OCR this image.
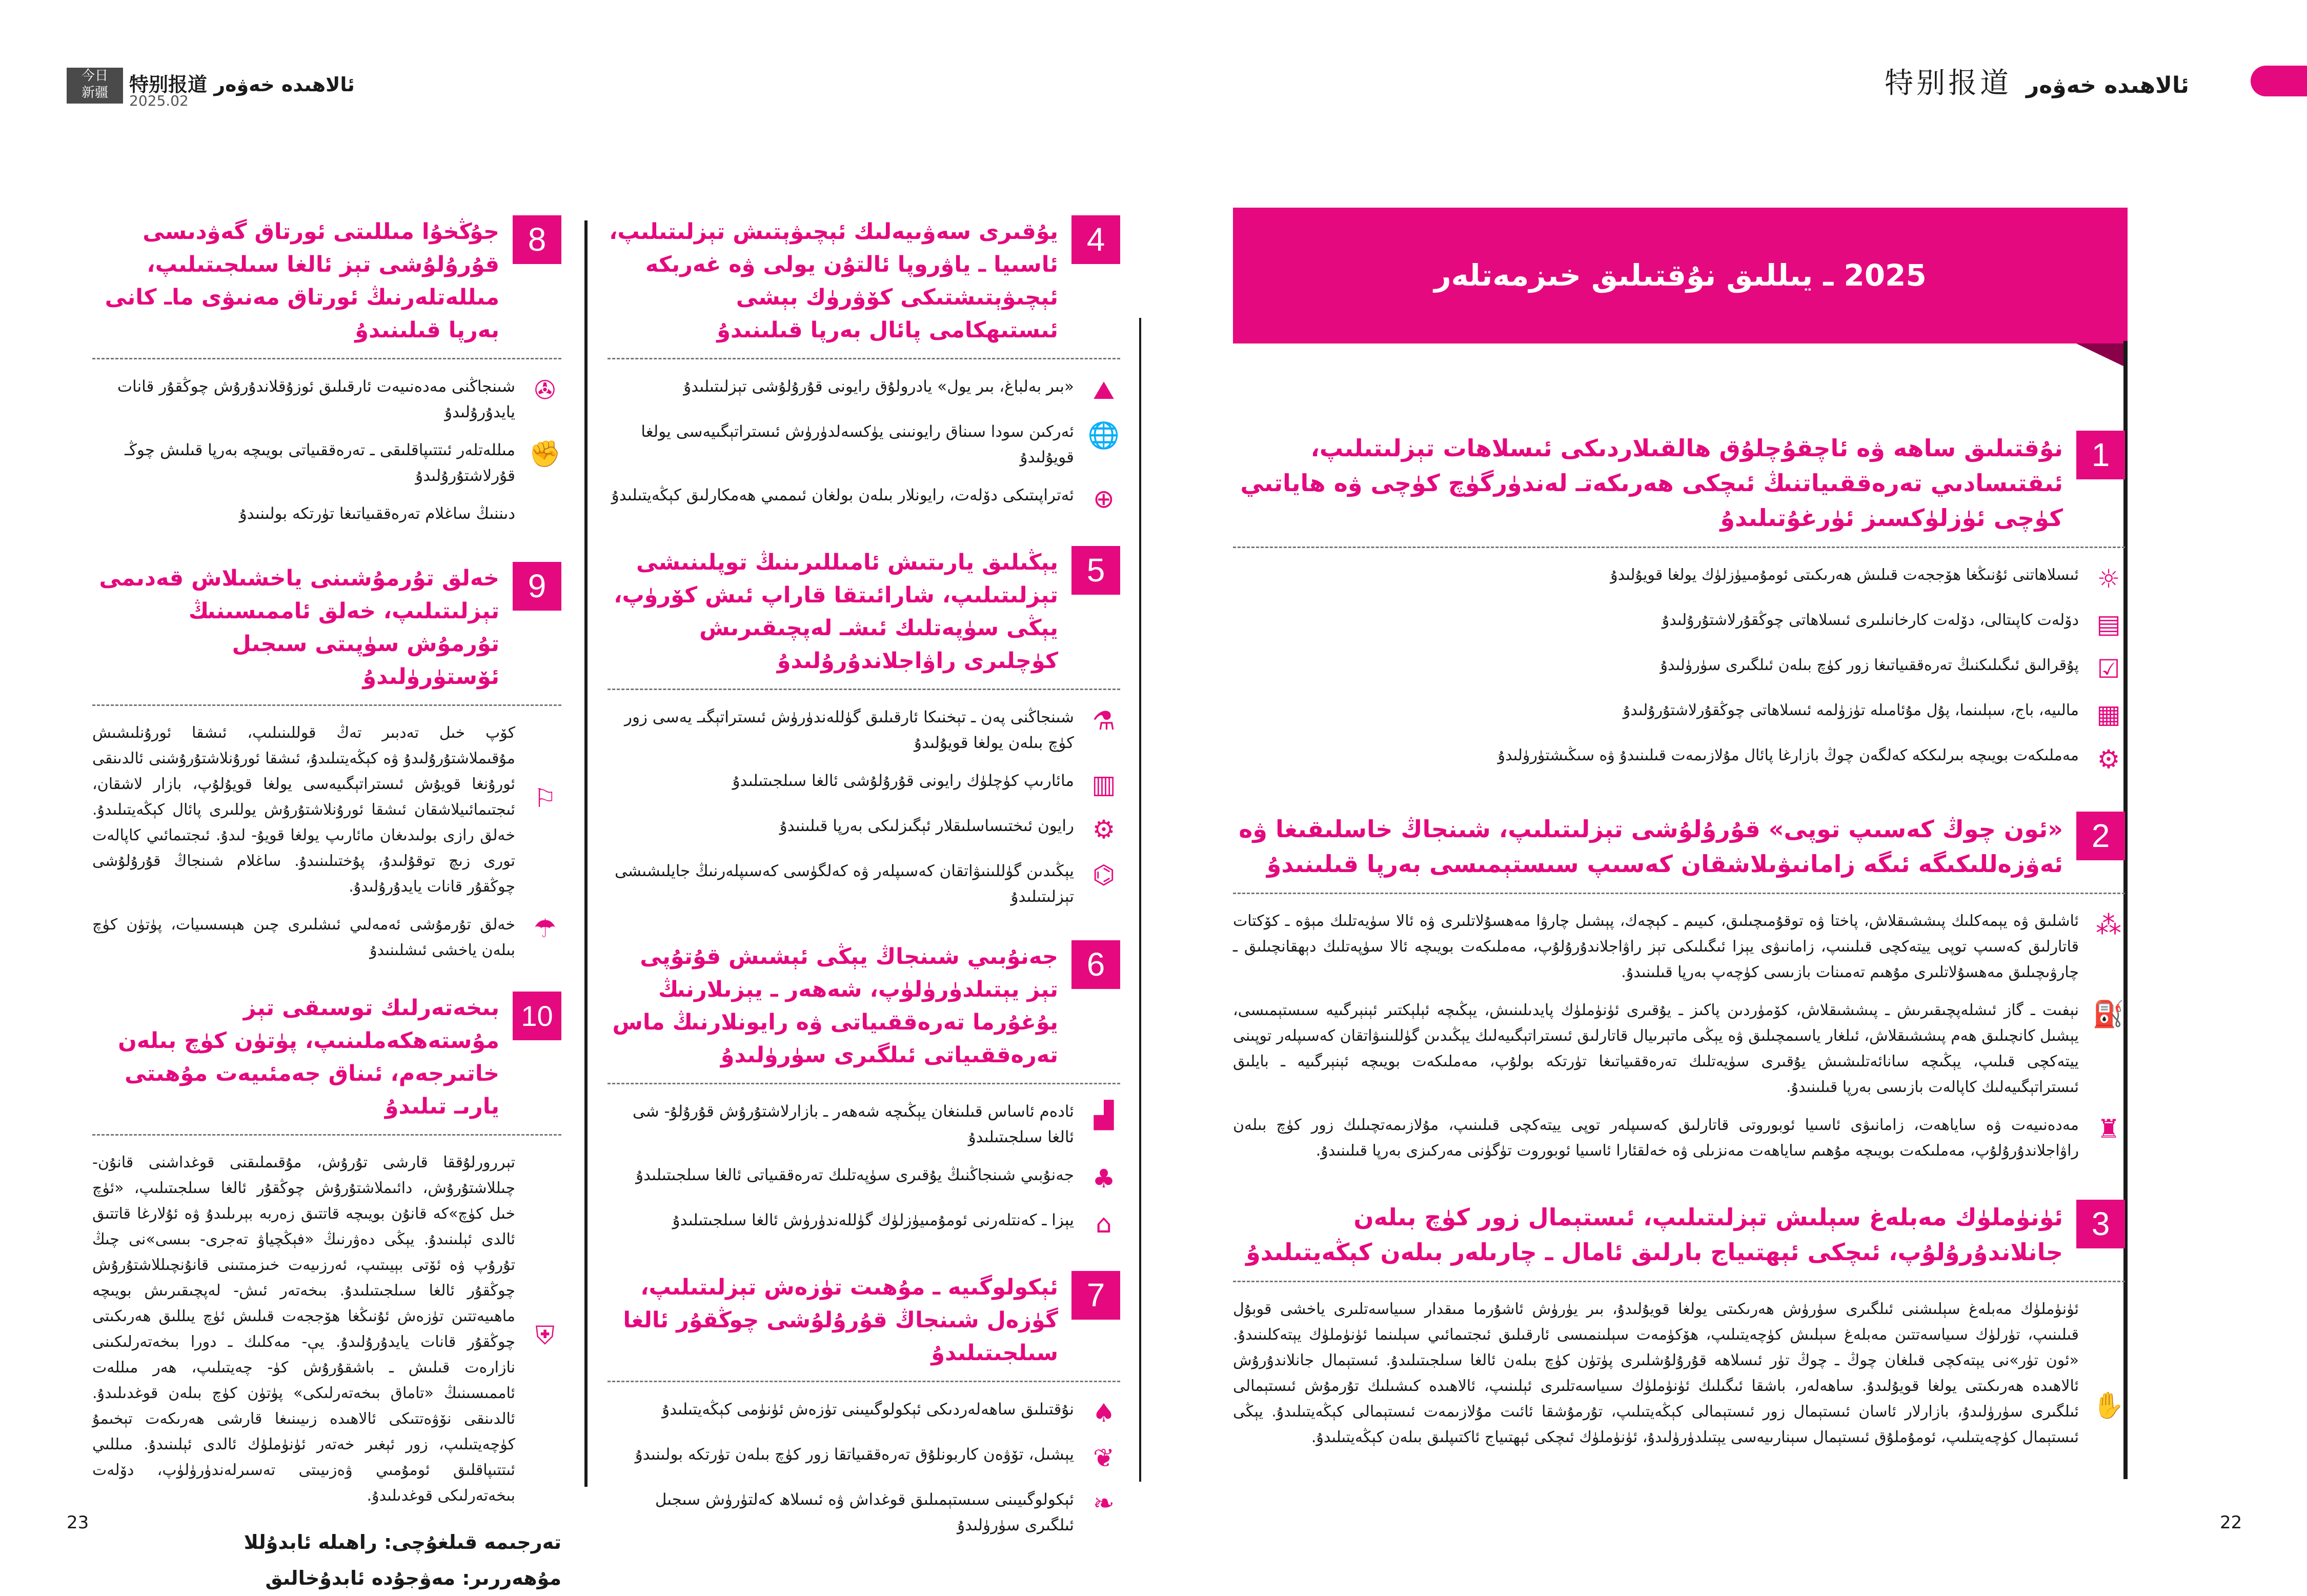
今日
新疆	特别报道 ئالاھىدە خەۋەر
2025.02
特别报道 ئالاھىدە خەۋەر
2025 ـ يىللىق نۇقتىلىق خىزمەتلەر
1
نۇقتىلىق ساھە ۋە ئاچقۇچلۇق ھالقىلاردىكى ئىسلاھات تېزلىتىلىپ، ئىقتىسادىي تەرەققىياتنىڭ ئىچكى ھەرىكەتـ لەندۈرگۈچ كۈچى ۋە ھاياتىي كۈچى ئۈزلۈكسىز ئۈرغۇتىلىدۇ
☼
ئىسلاھاتنى ئۇنىڭغا ھۆججەت قىلىش ھەرىكىتى ئومۇمىيۈزلۈك يولغا قويۇلىدۇ
▤
دۆلەت كاپىتالى، دۆلەت كارخانىلىرى ئىسلاھاتى چوڭقۇرلاشتۇرۇلىدۇ
☑
پۇقرالىق ئىگىلىكنىڭ تەرەققىياتىغا زور كۈچ بىلەن ئىلگىرى سۈرۈلىدۇ
▦
مالىيە، باج، سېلىنما، پۇل مۇئامىلە تۈزۈلمە ئىسلاھاتى چوڭقۇرلاشتۇرۇلىدۇ
⚙
مەملىكەت بويىچە بىرلىككە كەلگەن چوڭ بازارغا پائال مۇلازىمەت قىلىنىدۇ ۋە سىڭىشتۈرۈلىدۇ
2
«ئون چوڭ كەسىپ توپى» قۇرۇلۇشى تېزلىتىلىپ، شىنجاڭ خاسلىقىغا ۋە ئەۋزەللىكىگە ئىگە زامانىۋىلاشقان كەسىپ سىستېمىسى بەرپا قىلىنىدۇ
⁂
ئاشلىق ۋە يېمەكلىك پىششىقلاش، پاختا ۋە توقۇمىچىلىق، كىيىم ـ كېچەك، پېشىل چارۋا مەھسۇلاتلىرى ۋە ئالا سۈيەتلىك مېۋە ـ كۆكتات قاتارلىق كەسىپ توپى ييتەكچى قىلىنىپ، زامانىۋى يېزا ئىگىلىكى تېز راۋاجلاندۇرۇلۇپ، مەملىكەت بويىچە ئالا سۈپەتلىك دېھقانچىلىق ـ چارۋىچىلىق مەھسۇلاتلىرى مۇھىم تەمىنات بازىسى كۈچەپ بەرپا قىلىنىدۇ.
⛽
نېفىت ـ گاز ئىشلەپچىقىرىش ـ پىششىقلاش، كۆمۈردىن پاكىز ـ يۇقىرى ئۈنۈملۈك پايدىلىنىش، يېڭىچە ئېلېكتىر ئېنېرگىيە سىستېمىسى، يېشىل كانچىلىق ھەم پىششىقلاش، ئىلغار ياسىمچىلىق ۋە يېڭى ماتېرىيال قاتارلىق ئىستراتېگىيەلىك يېڭىدىن گۈللىنىۋاتقان كەسىپلەر توپىنى ييتەكچى قىلىپ، يېڭىچە سانائەتلىشىش يۇقىرى سۈيەتلىك تەرەققىياتىغا تۈرتكە بولۇپ، مەملىكەت بويىچە ئېنېرگىيە ـ بايلىق ئىستراتېگىيەلىك كاپالەت بازىسى بەرپا قىلىنىدۇ.
♜
مەدەنىيەت ۋە ساياھەت، زامانىۋى ئاسىيا ئوبوروتى قاتارلىق كەسىپلەر توپى ييتەكچى قىلىنىپ، مۇلازىمەتچىلىك زور كۈچ بىلەن راۋاجلاندۇرۇلۇپ، مەملىكەت بويىچە مۇھىم ساياھەت مەنزىلى ۋە خەلقئارا ئاسىيا ئوبوروت تۈگۈنى مەركىزى بەرپا قىلىنىدۇ.
3
ئۈنۈملۈك مەبلەغ سېلىش تېزلىتىلىپ، ئىستېمال زور كۈچ بىلەن جانلاندۇرۇلۇپ، ئىچكى ئېھتىياج بارلىق ئامال ـ چارىلەر بىلەن كېڭەيتىلىدۇ
✋
ئۈنۈملۈك مەبلەغ سېلىشنى ئىلگىرى سۈرۈش ھەرىكىتى يولغا قويۇلىدۇ، بىر يۈرۈش ئاشۇرما مىقدار سىياسەتلىرى ياخشى قوبۇل قىلىنىپ، تۈرلۈك سىياسەتتىن مەبلەغ سېلىش كۈچەيتىلىپ، ھۆكۈمەت سېلىنمىسى ئارقىلىق ئىجتىمائىي سېلىنما ئۈنۈملۈك يېتەكلىنىدۇ. «ئون تۈر»نى يېتەكچى قىلغان چوڭ ـ چوڭ تۈر ئىسلاھە قۇرۇلۇشلىرى پۈتۈن كۈچ بىلەن ئالغا سىلجىتىلىدۇ. ئىستېمال جانلاندۇرۇش ئالاھىدە ھەرىكىتى يولغا قويۇلىدۇ. ساھەلەر، باشقا ئىگىلىك ئۈنۈملۈك سىياسەتلىرى ئېلىنىپ، ئالاھىدە كىشىلىك تۇرمۇش ئىستېمالى ئىلگىرى سۈرۈلىدۇ، بازارلار ئاسان ئىستېمال زور ئىستېمالى كېڭەيتىلىپ، تۇرمۇشقا ئائىت مۇلازىمەت ئىستېمالى كېڭەيتىلىدۇ. يېڭى ئىستېمال كۈچەيتىلىپ، ئومۇملۇق ئىستېمال سېنارىيەسى يېتىلدۈرۈلىدۇ، ئۈنۈملۈك ئىچكى ئېھتىياج ئاكتىپلىق بىلەن كېڭەيتىلىدۇ.
4
يۇقىرى سەۋىيەلىك ئېچىۋېتىش تېزلىتىلىپ، ئاسىيا ـ ياۋروپا ئالتۇن يولى ۋە غەربكە ئېچىۋېتىشتىكى كۆۋرۈك بېشى ئىستىھكامى پائال بەرپا قىلىنىدۇ
⛰
«بىر بەلباغ، بىر يول» يادرولۇق رايونى قۇرۇلۇشى تېزلىتىلىدۇ
🌐
ئەركىن سودا سىناق رايونىنى يۈكسەلدۈرۈش ئىستراتېگىيەسى يولغا قويۇلىدۇ
⊕
ئەتراپىتىكى دۆلەت، رايونلار بىلەن بولغان ئىممىي ھەمكارلىق كېڭەيتىلىدۇ
5
يېڭىلىق يارىتىش ئامىللىرىنىڭ توپلىنىشى تېزلىتىلىپ، شارائىتقا قاراپ ئىش كۆرۈپ، يېڭى سۈپەتلىك ئىشـ لەپچىقىرىش كۈچلىرى راۋاجلاندۇرۇلىدۇ
⚗
شىنجاڭنى پەن ـ تېخنىكا ئارقىلىق گۈللەندۈرۈش ئىستراتېگىـ يەسى زور كۈچ بىلەن يولغا قويۇلىدۇ
▥
مائارىپ كۈچلۈك رايونى قۇرۇلۇشى ئالغا سىلجىتىلىدۇ
⚙
رايون ئىختىساسلىقلار ئېگىزلىكى بەرپا قىلىنىدۇ
⌬
يېڭىدىن گۈللىنىۋاتقان كەسىپلەر ۋە كەلگۈسى كەسىپلەرنىڭ جايلىشىشى تېزلىتىلىدۇ
6
جەنۇبىي شىنجاڭ يېڭى ئېشىش قۇتۇپى تېز يېتىلدۈرۈلۈپ، شەھەر ـ يېزىلارنىڭ يۇغۇرما تەرەققىياتى ۋە رايونلارنىڭ ماس تەرەققىياتى ئىلگىرى سۈرۈلىدۇ
▟
ئادەم ئاساس قىلىنغان يېڭىچە شەھەر ـ بازارلاشتۇرۇش قۇرۇلۇ- شى ئالغا سىلجىتىلىدۇ
♣
جەنۇبىي شىنجاڭنىڭ يۇقىرى سۈپەتلىك تەرەققىياتى ئالغا سىلجىتىلىدۇ
⌂
يېزا ـ كەنتلەرنى ئومۇمىيۈزلۈك گۈللەندۈرۈش ئالغا سىلجىتىلىدۇ
7
ئېكولوگىيە ـ مۇھىت تۈزەش تېزلىتىلىپ، گۈزەل شىنجاڭ قۇرۇلۇشى چوڭقۇر ئالغا سىلجىتىلىدۇ
♠
نۇقتىلىق ساھەلەردىكى ئېكولوگىيىنى تۈزەش ئۈنۈمى كېڭەيتىلىدۇ
❦
يېشىل، تۆۋەن كاربونلۇق تەرەققىياتقا زور كۈچ بىلەن تۈرتكە بولىنىدۇ
❧
ئېكولوگىيىنى سىستېمىلىق قوغداش ۋە ئىسلاھ كەلتۈرۈش سىجىل ئىلگىرى سۈرۈلىدۇ
8
جۇڭخۇا مىللىتى ئورتاق گەۋدىسى قۇرۇلۇشى تېز ئالغا سىلجىتىلىپ، مىللەتلەرنىڭ ئورتاق مەنىۋى ماـ كانى بەرپا قىلىنىدۇ
✇
شىنجاڭنى مەدەنىيەت ئارقىلىق ئوزۇقلاندۇرۇش چوڭقۇر قانات يايدۇرۇلىدۇ
✊
مىللەتلەر ئىتتىپاقلىقى ـ تەرەققىياتى بويىچە بەرپا قىلىش چوڭـ قۇرلاشتۇرۇلىدۇ
دىننىڭ ساغلام تەرەققىياتىغا تۈرتكە بولىنىدۇ
9
خەلق تۇرمۇشىنى ياخشىلاش قەدىمى تېزلىتىلىپ، خەلق ئاممىسىنىڭ تۇرمۇش سۈپىتى سىجىل ئۆستۈرۈلىدۇ
⚐
كۆپ خىل تەدبىر تەڭ قوللىنىلىپ، ئىشقا ئورۇنلىشىش مۇقىملاشتۇرۇلىدۇ ۋە كېڭەيتىلىدۇ، ئىشقا ئورۇنلاشتۇرۇشنى ئالدىنقى ئورۇنغا قويۇش ئىستراتېگىيەسى يولغا قويۇلۇپ، بازار لاشقان، ئىجتىمائىيلاشقان ئىشقا ئورۇنلاشتۇرۇش يوللىرى پائال كېڭەيتىلىدۇ. خەلق رازى بولىدىغان مائارىپ يولغا قويۇ- لىدۇ. ئىجتىمائىي كاپالەت تورى زىچ توقۇلىدۇ، پۇختىلىنىدۇ. ساغلام شىنجاڭ قۇرۇلۇشى چوڭقۇر قانات يايدۇرۇلىدۇ.
☂
خەلق تۇرمۇشى ئەمەلىي ئىشلىرى چىن ھېسسىيات، پۈتۈن كۈچ بىلەن ياخشى ئىشلىنىدۇ
10
بىخەتەرلىك توسىقى تېز مۇستەھكەملىنىپ، پۈتۈن كۈچ بىلەن خاتىرجەم، ئىناق جەمئىيەت مۇھىتى يارىـ تىلىدۇ
⛨
تېررورلۇققا قارشى تۇرۇش، مۇقىملىقنى قوغداشنى قانۇن- چىللاشتۇرۇش، دائىملاشتۇرۇش چوڭقۇر ئالغا سىلجىتىلىپ، «ئۈچ خىل كۈچ»كە قانۇن بويىچە قاتتىق زەربە بېرىلىدۇ ۋە ئۇلارغا قاتتىق ئالدى ئېلىنىدۇ. يېڭى دەۋرنىڭ «فېڭچياۋ تەجرى- بىسى»نى چىڭ تۇرۇپ ۋە ئۆتى بېيىتىپ، ئەرزىيەت خىزمىتىنى قانۇنچىللاشتۇرۇش چوڭقۇر ئالغا سىلجىتىلىدۇ. بىخەتەر ئىش- لەپچىقىرىش بويىچە ماھىيەتتىن تۈزەش ئۇنىڭغا ھۆججەت قىلىش ئۈچ يىللىق ھەرىكىتى چوڭقۇر قانات يايدۇرۇلىدۇ. يې- مەكلىك ـ دورا بىخەتەرلىكىنى نازارەت قىلىش ـ باشقۇرۇش كۈ- چەيتىلىپ، ھەر مىللەت ئاممىسىنىڭ «تاماق بىخەتەرلىكى» پۈتۈن كۈچ بىلەن قوغدىلىدۇ. ئالدىنقى نۆۋەتتىكى ئالاھىدە زىيىنىغا قارشى ھەرىكەت تېخىمۇ كۈچەيتىلىپ، زور ئېغىر خەتەر ئۈنۈملۈك ئالدى ئېلىنىدۇ. مىللىي ئىتتىپاقلىق ئومۇمىي ۋەزىيىتى تەسىرلەندۈرۈلۈپ، دۆلەت بىخەتەرلىكى قوغدىلىدۇ.
تەرجىمە قىلغۇچى: راھىلە ئابدۇللا
مۇھەررىر: مەۋجۇدە ئابدۇخالىق
23	22
